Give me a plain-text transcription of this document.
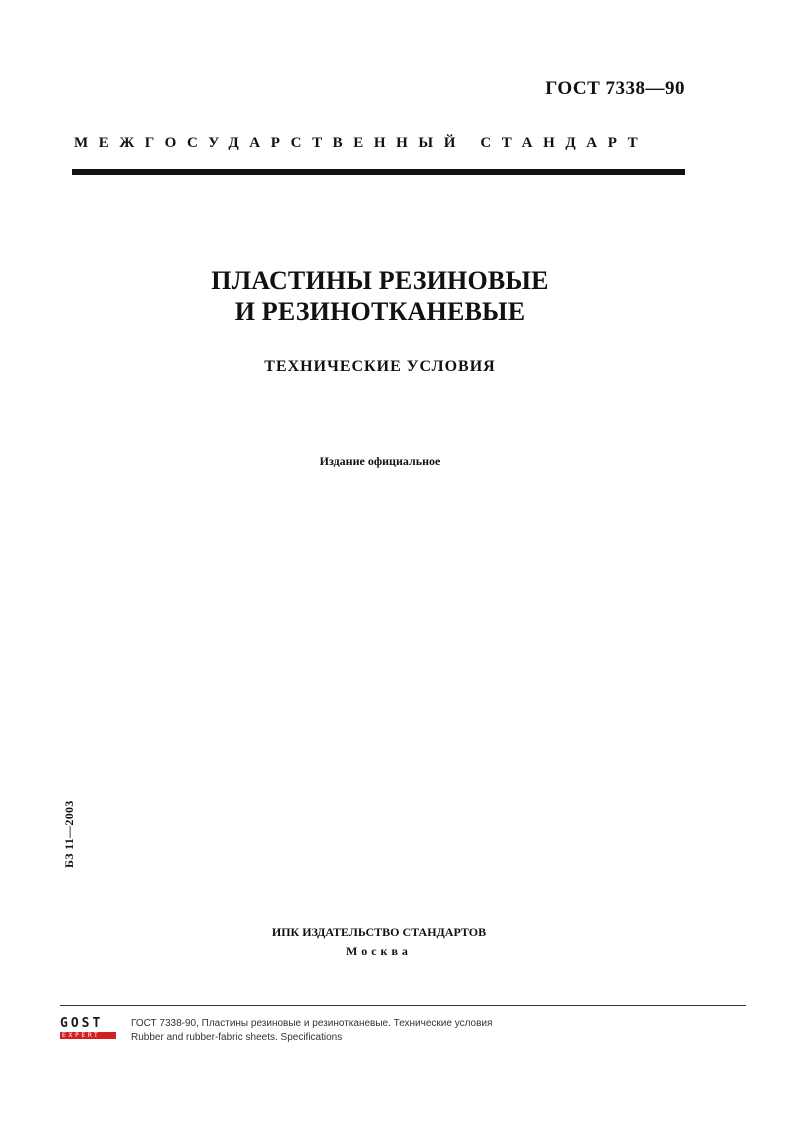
ГОСТ 7338—90
МЕЖГОСУДАРСТВЕННЫЙ СТАНДАРТ
ПЛАСТИНЫ РЕЗИНОВЫЕ
И РЕЗИНОТКАНЕВЫЕ
ТЕХНИЧЕСКИЕ УСЛОВИЯ
Издание официальное
БЗ 11—2003
ИПК ИЗДАТЕЛЬСТВО СТАНДАРТОВ
Москва
GOST
EXPERT
ГОСТ 7338-90, Пластины резиновые и резинотканевые. Технические условия
Rubber and rubber-fabric sheets. Specifications
